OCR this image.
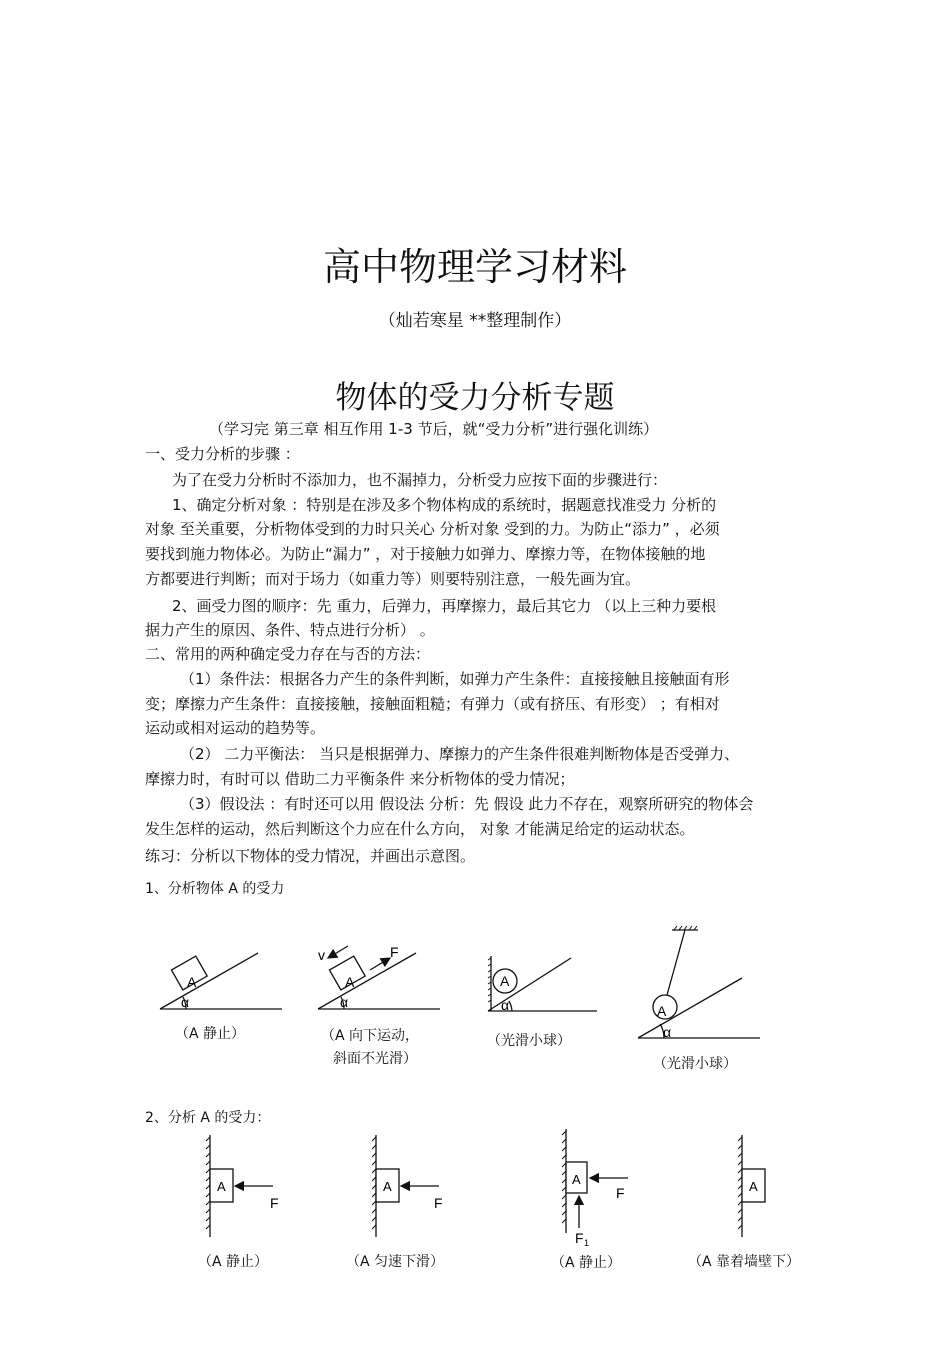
高中物理学习材料
（灿若寒星 **整理制作）
物体的受力分析专题
（学习完 第三章 相互作用 1-3 节后，就“受力分析”进行强化训练）
一、受力分析的步骤 ：
为了在受力分析时不添加力，也不漏掉力，分析受力应按下面的步骤进行：
1、确定分析对象 ：特别是在涉及多个物体构成的系统时，据题意找准受力 分析的
对象 至关重要，分析物体受到的力时只关心 分析对象 受到的力。为防止“添力” ，必须
要找到施力物体必。为防止“漏力” ，对于接触力如弹力、摩擦力等，在物体接触的地
方都要进行判断；而对于场力（如重力等）则要特别注意，一般先画为宜。
2、画受力图的顺序：先 重力，后弹力，再摩擦力，最后其它力 （以上三种力要根
据力产生的原因、条件、特点进行分析） 。
二、常用的两种确定受力存在与否的方法：
（1）条件法：根据各力产生的条件判断，如弹力产生条件：直接接触且接触面有形
变；摩擦力产生条件：直接接触，接触面粗糙；有弹力（或有挤压、有形变） ；有相对
运动或相对运动的趋势等。
（2） 二力平衡法： 当只是根据弹力、摩擦力的产生条件很难判断物体是否受弹力、
摩擦力时，有时可以 借助二力平衡条件 来分析物体的受力情况；
（3）假设法 ：有时还可以用 假设法 分析：先 假设 此力不存在，观察所研究的物体会
发生怎样的运动，然后判断这个力应在什么方向， 对象 才能满足给定的运动状态。
练习：分析以下物体的受力情况，并画出示意图。
1、分析物体 A 的受力
A
α
A
α
v	F
A
α	A
α
（A 静止）	（A 向下运动，
斜面不光滑）
（光滑小球）
（光滑小球）
2、分析 A 的受力：
A
F
A
F
A
F
F 1
A
（A 静止）	（A 匀速下滑）	（A 静止）	（A 靠着墙壁下）
